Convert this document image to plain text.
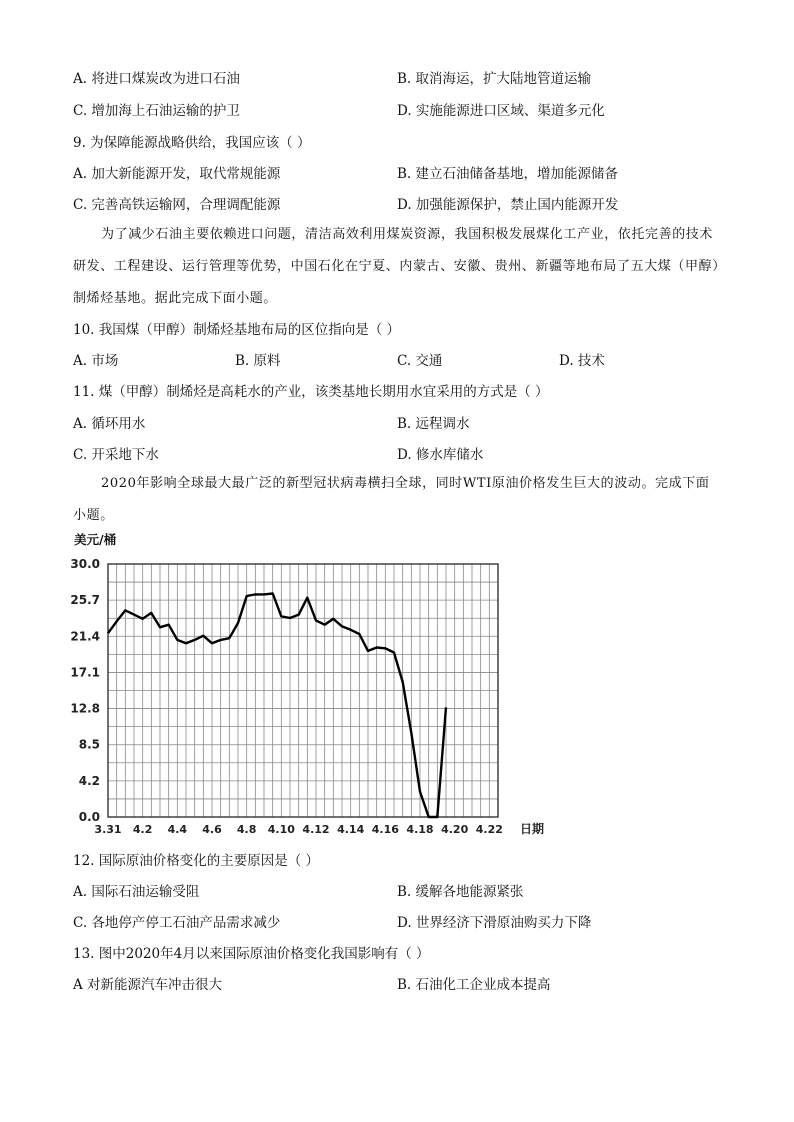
A. 将进口煤炭改为进口石油	B. 取消海运，扩大陆地管道运输
C. 增加海上石油运输的护卫	D. 实施能源进口区域、渠道多元化
9. 为保障能源战略供给，我国应该（ ）
A. 加大新能源开发，取代常规能源	B. 建立石油储备基地，增加能源储备
C. 完善高铁运输网，合理调配能源	D. 加强能源保护，禁止国内能源开发
为了减少石油主要依赖进口问题，清洁高效利用煤炭资源，我国积极发展煤化工产业，依托完善的技术研发、工程建设、运行管理等优势，中国石化在宁夏、内蒙古、安徽、贵州、新疆等地布局了五大煤（甲醇）制烯烃基地。据此完成下面小题。
10. 我国煤（甲醇）制烯烃基地布局的区位指向是（ ）
A. 市场	B. 原料	C. 交通	D. 技术
11. 煤（甲醇）制烯烃是高耗水的产业，该类基地长期用水宜采用的方式是（ ）
A. 循环用水	B. 远程调水
C. 开采地下水	D. 修水库储水
2020年影响全球最大最广泛的新型冠状病毒横扫全球，同时WTI原油价格发生巨大的波动。完成下面小题。
美元/桶
30.0
25.7
21.4
17.1
12.8
8.5
4.2
0.0
3.31 4.2 4.4 4.6 4.8 4.10 4.12 4.14 4.16 4.18 4.20 4.22 日期
12. 国际原油价格变化的主要原因是（ ）
A. 国际石油运输受阻	B. 缓解各地能源紧张
C. 各地停产停工石油产品需求减少	D. 世界经济下滑原油购买力下降
13. 图中2020年4月以来国际原油价格变化我国影响有（ ）
A 对新能源汽车冲击很大	B. 石油化工企业成本提高
